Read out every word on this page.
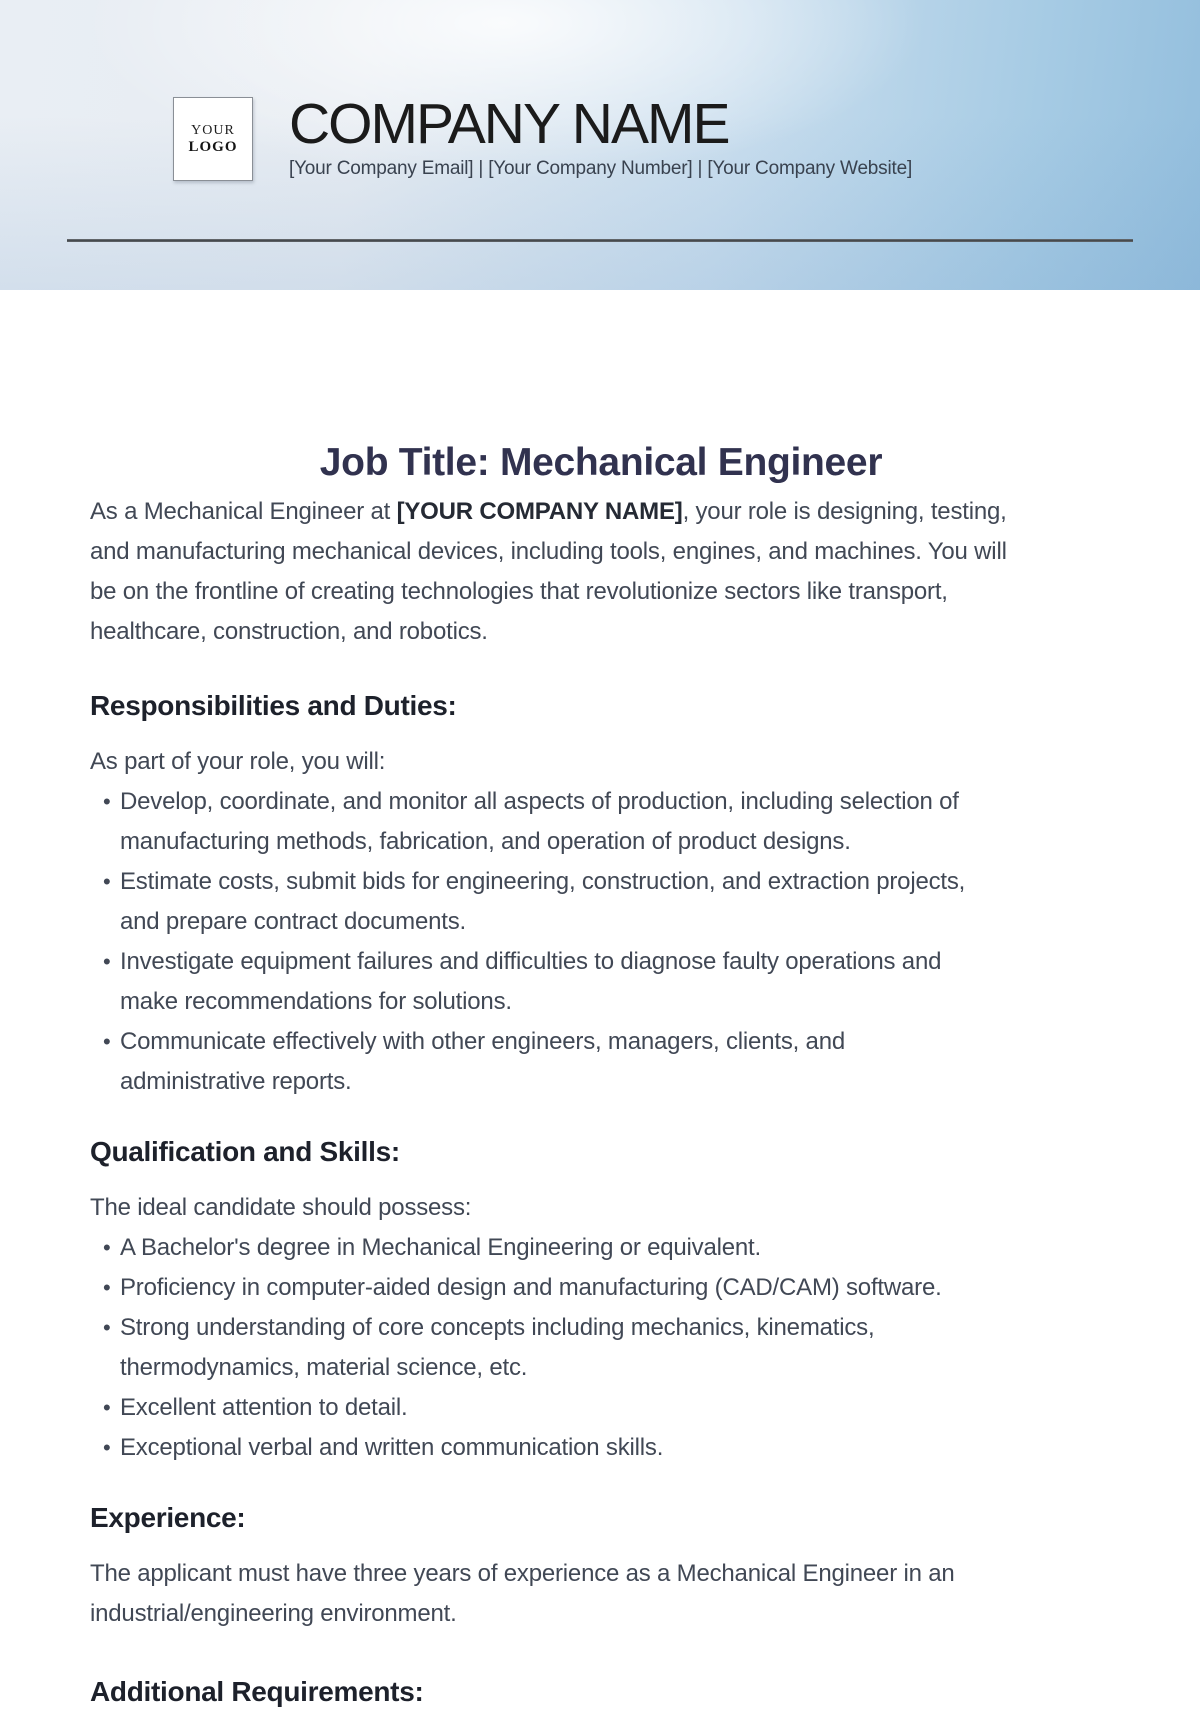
YOUR
LOGO COMPANY NAME
[Your Company Email] | [Your Company Number] | [Your Company Website]
Job Title: Mechanical Engineer
As a Mechanical Engineer at [YOUR COMPANY NAME], your role is designing, testing,
and manufacturing mechanical devices, including tools, engines, and machines. You will
be on the frontline of creating technologies that revolutionize sectors like transport,
healthcare, construction, and robotics.
Responsibilities and Duties:
As part of your role, you will:
•
Develop, coordinate, and monitor all aspects of production, including selection of
manufacturing methods, fabrication, and operation of product designs.
•
Estimate costs, submit bids for engineering, construction, and extraction projects,
and prepare contract documents.
•
Investigate equipment failures and difficulties to diagnose faulty operations and
make recommendations for solutions.
•
Communicate effectively with other engineers, managers, clients, and
administrative reports.
Qualification and Skills:
The ideal candidate should possess:
•
A Bachelor's degree in Mechanical Engineering or equivalent.
•
Proficiency in computer-aided design and manufacturing (CAD/CAM) software.
•
Strong understanding of core concepts including mechanics, kinematics,
thermodynamics, material science, etc.
•
Excellent attention to detail.
•
Exceptional verbal and written communication skills.
Experience:
The applicant must have three years of experience as a Mechanical Engineer in an
industrial/engineering environment.
Additional Requirements:
